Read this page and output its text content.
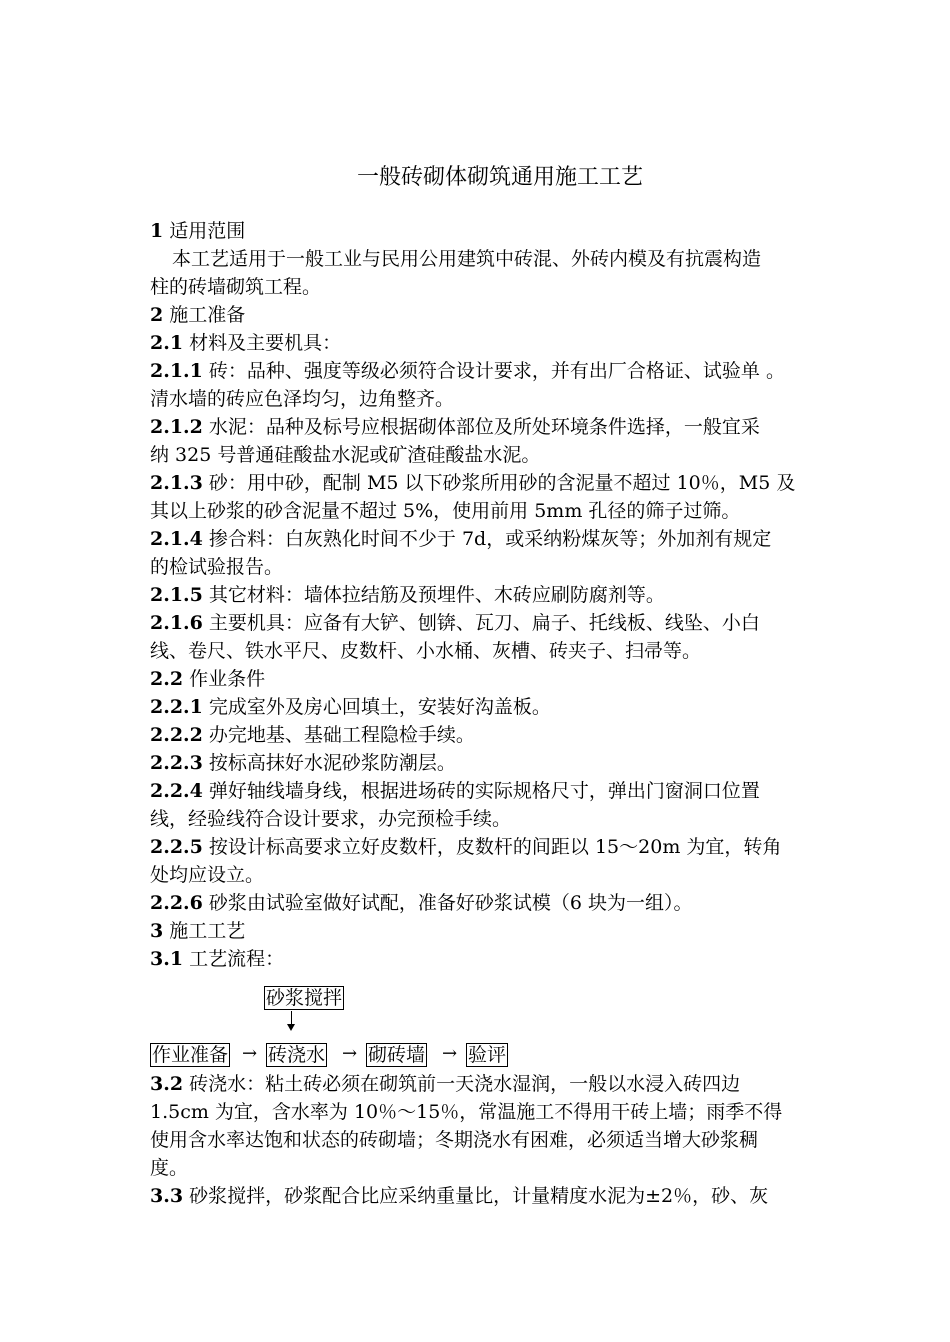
一般砖砌体砌筑通用施工工艺
1 适用范围
本工艺适用于一般工业与民用公用建筑中砖混、外砖内模及有抗震构造
柱的砖墙砌筑工程。
2 施工准备
2.1 材料及主要机具：
2.1.1 砖：品种、强度等级必须符合设计要求，并有出厂合格证、试验单 。
清水墙的砖应色泽均匀，边角整齐。
2.1.2 水泥：品种及标号应根据砌体部位及所处环境条件选择，一般宜采
纳 325 号普通硅酸盐水泥或矿渣硅酸盐水泥。
2.1.3 砂：用中砂，配制 M5 以下砂浆所用砂的含泥量不超过 10％，M5 及
其以上砂浆的砂含泥量不超过 5%，使用前用 5mm 孔径的筛子过筛。
2.1.4 掺合料：白灰熟化时间不少于 7d，或采纳粉煤灰等；外加剂有规定
的检试验报告。
2.1.5 其它材料：墙体拉结筋及预埋件、木砖应刷防腐剂等。
2.1.6 主要机具：应备有大铲、刨锛、瓦刀、扁子、托线板、线坠、小白
线、卷尺、铁水平尺、皮数杆、小水桶、灰槽、砖夹子、扫帚等。
2.2 作业条件
2.2.1 完成室外及房心回填土，安装好沟盖板。
2.2.2 办完地基、基础工程隐检手续。
2.2.3 按标高抹好水泥砂浆防潮层。
2.2.4 弹好轴线墙身线，根据进场砖的实际规格尺寸，弹出门窗洞口位置
线，经验线符合设计要求，办完预检手续。
2.2.5 按设计标高要求立好皮数杆，皮数杆的间距以 15～20m 为宜，转角
处均应设立。
2.2.6 砂浆由试验室做好试配，准备好砂浆试模（6 块为一组）。
3 施工工艺
3.1 工艺流程：
砂浆搅拌
作业准备 → 砖浇水 → 砌砖墙 → 验评
3.2 砖浇水：粘土砖必须在砌筑前一天浇水湿润，一般以水浸入砖四边
1.5cm 为宜，含水率为 10％～15％，常温施工不得用干砖上墙；雨季不得
使用含水率达饱和状态的砖砌墙；冬期浇水有困难，必须适当增大砂浆稠
度。
3.3 砂浆搅拌，砂浆配合比应采纳重量比，计量精度水泥为±2％，砂、灰
